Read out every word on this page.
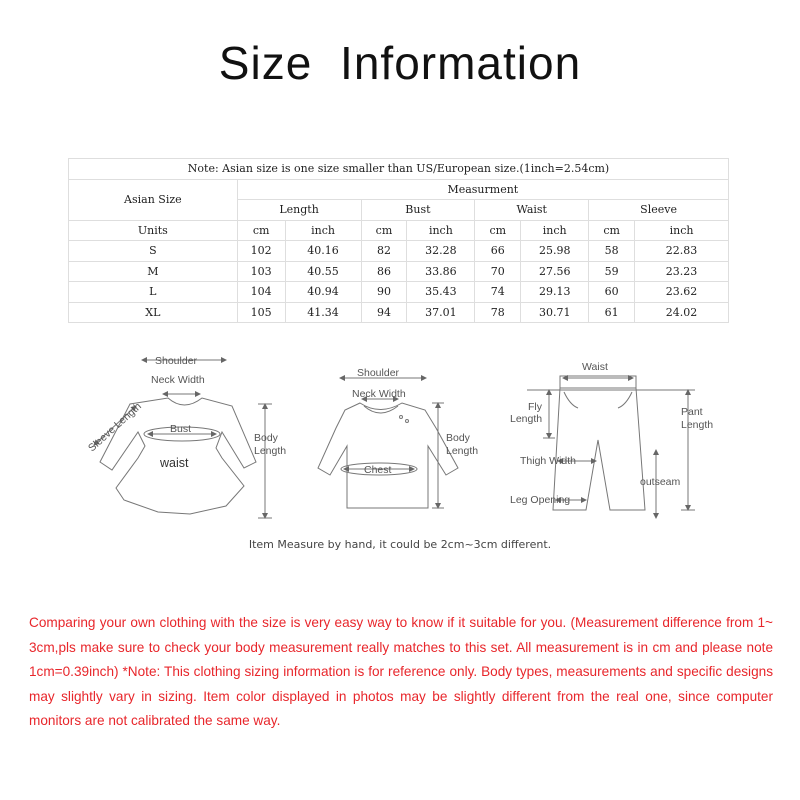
Size Information
Note: Asian size is one size smaller than US/European size.(1inch=2.54cm)								
Asian Size	Measurment							
	Length		Bust		Waist		Sleeve	
Units	cm	inch	cm	inch	cm	inch	cm	inch
S	102	40.16	82	32.28	66	25.98	58	22.83
M	103	40.55	86	33.86	70	27.56	59	23.23
L	104	40.94	90	35.43	74	29.13	60	23.62
XL	105	41.34	94	37.01	78	30.71	61	24.02
Shoulder
Neck Width
Sleeve Length Bust
waist
Body
Length
Shoulder
Neck Width
Body
Length
Chest
Waist
Fly
Length
Pant
Length
Thigh Width
outseam
Leg Opening
Item Measure by hand, it could be 2cm~3cm different.
Comparing your own clothing with the size is very easy way to know if it suitable for you. (Measurement difference from 1~ 3cm,pls make sure to check your body measurement really matches to this set. All measurement is in cm and please note 1cm=0.39inch) *Note: This clothing sizing information is for reference only. Body types, measurements and specific designs may slightly vary in sizing. Item color displayed in photos may be slightly different from the real one, since computer monitors are not calibrated the same way.
